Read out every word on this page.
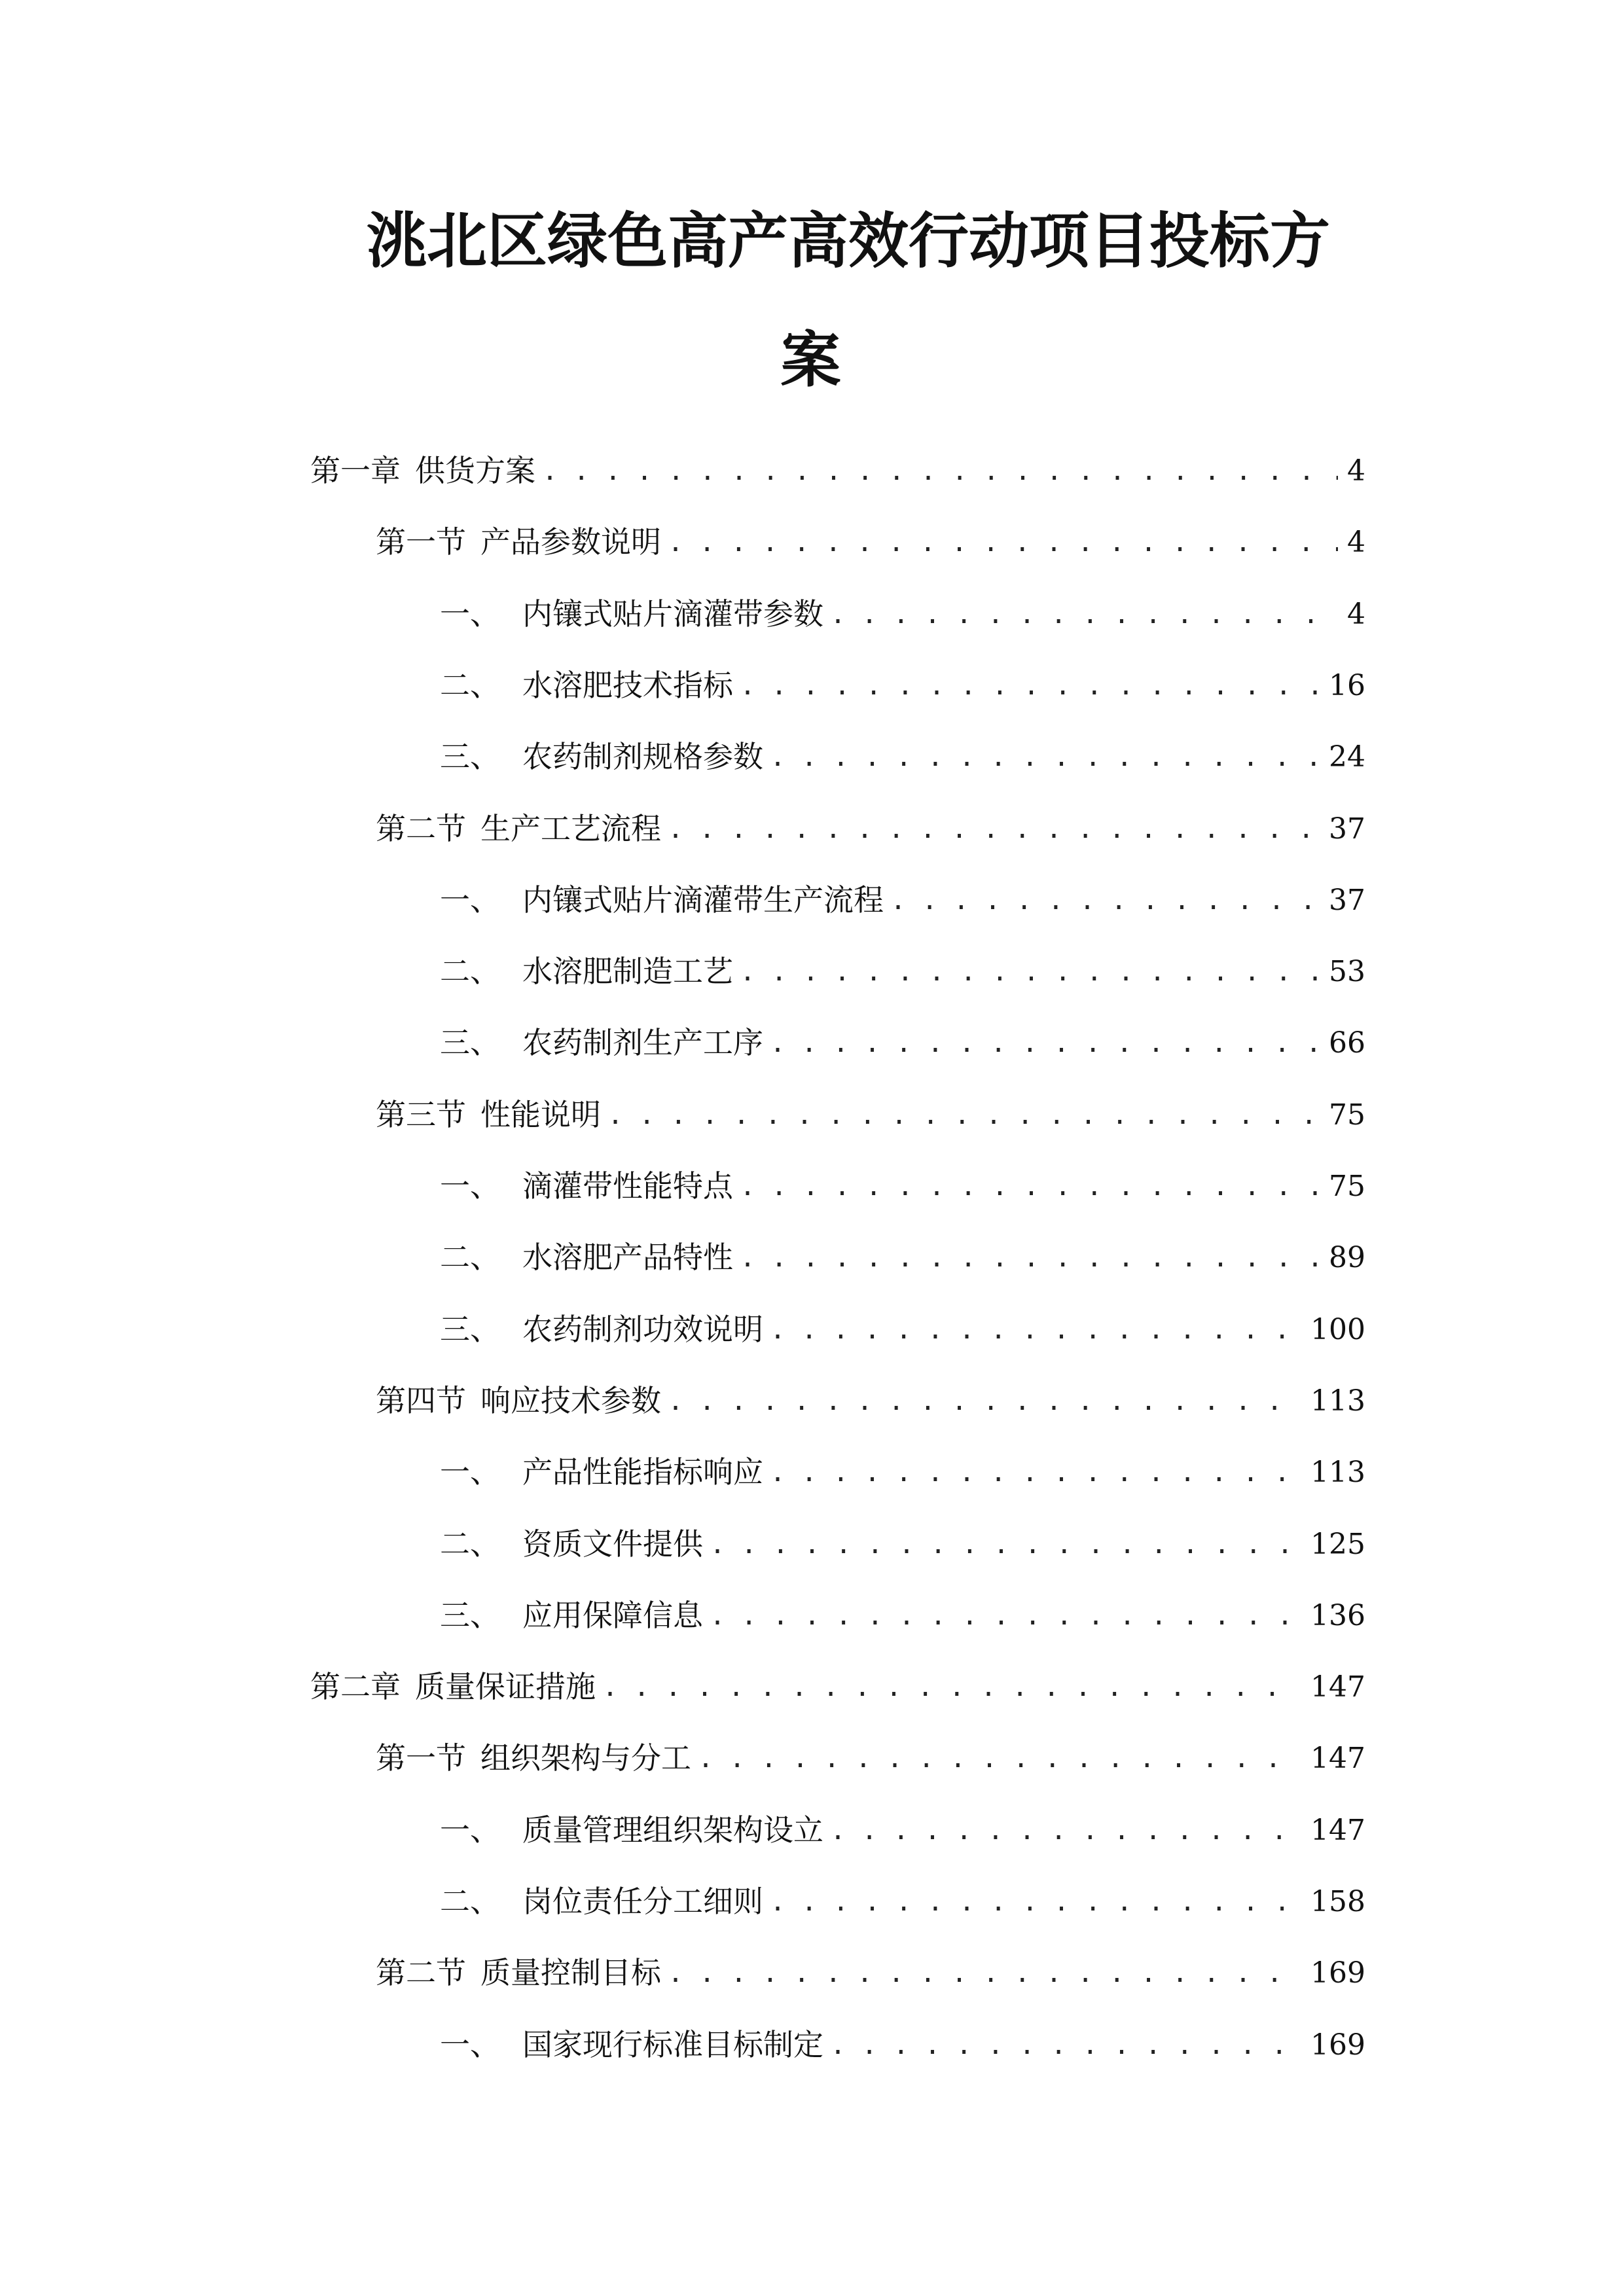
洮北区绿色高产高效行动项目投标方
案
第一章 供货方案 . . .	4
第一节 产品参数说明 . . .	4
一、 内镶式贴片滴灌带参数 . . .	4
二、 水溶肥技术指标 . . .	16
三、 农药制剂规格参数 . . .	24
第二节 生产工艺流程 . . .	37
一、 内镶式贴片滴灌带生产流程 . . .	37
二、 水溶肥制造工艺 . . .	53
三、 农药制剂生产工序 . . .	66
第三节 性能说明 . . .	75
一、 滴灌带性能特点 . . .	75
二、 水溶肥产品特性 . . .	89
三、 农药制剂功效说明 . . .	100
第四节 响应技术参数 . . .	113
一、 产品性能指标响应 . . .	113
二、 资质文件提供 . . .	125
三、 应用保障信息 . . .	136
第二章 质量保证措施 . . .	147
第一节 组织架构与分工 . . .	147
一、 质量管理组织架构设立 . . .	147
二、 岗位责任分工细则 . . .	158
第二节 质量控制目标 . . .	169
一、 国家现行标准目标制定 . . .	169
